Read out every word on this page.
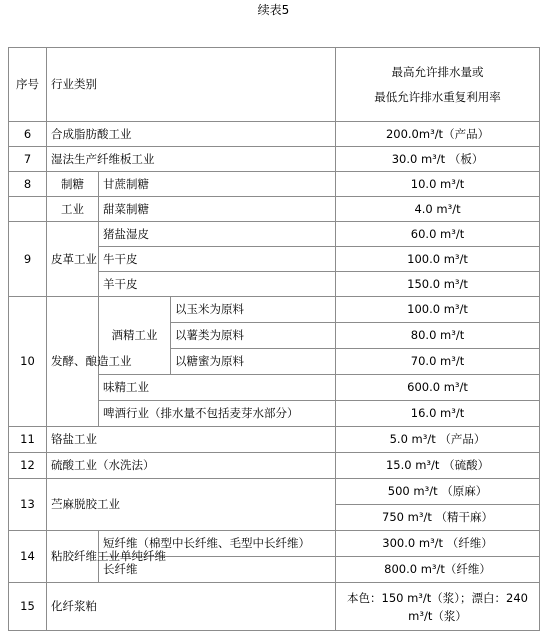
续表5
序号	行业类别			最高允许排水量或
最低允许排水重复利用率

6	合成脂肪酸工业			200.0m³/t（产品）
7	湿法生产纤维板工业			30.0 m³/t （板）
8	制糖	甘蔗制糖		10.0 m³/t
	工业	甜菜制糖		4.0 m³/t
9	皮革工业	猪盐湿皮		60.0 m³/t
		牛干皮		100.0 m³/t
		羊干皮		150.0 m³/t
10	发酵、酿造工业	酒精工业	以玉米为原料	100.0 m³/t
			以薯类为原料	80.0 m³/t
			以糖蜜为原料	70.0 m³/t
		味精工业		600.0 m³/t
		啤酒行业（排水量不包括麦芽水部分）		16.0 m³/t
11	铬盐工业			5.0 m³/t （产品）
12	硫酸工业（水洗法）			15.0 m³/t （硫酸）
13	苎麻脱胶工业			500 m³/t （原麻）
				750 m³/t （精干麻）
14	粘胶纤维工业单纯纤维	短纤维（棉型中长纤维、毛型中长纤维）		300.0 m³/t （纤维）
		长纤维		800.0 m³/t（纤维）
15	化纤浆粕			本色：150 m³/t（浆）；漂白：240
m³/t（浆）
